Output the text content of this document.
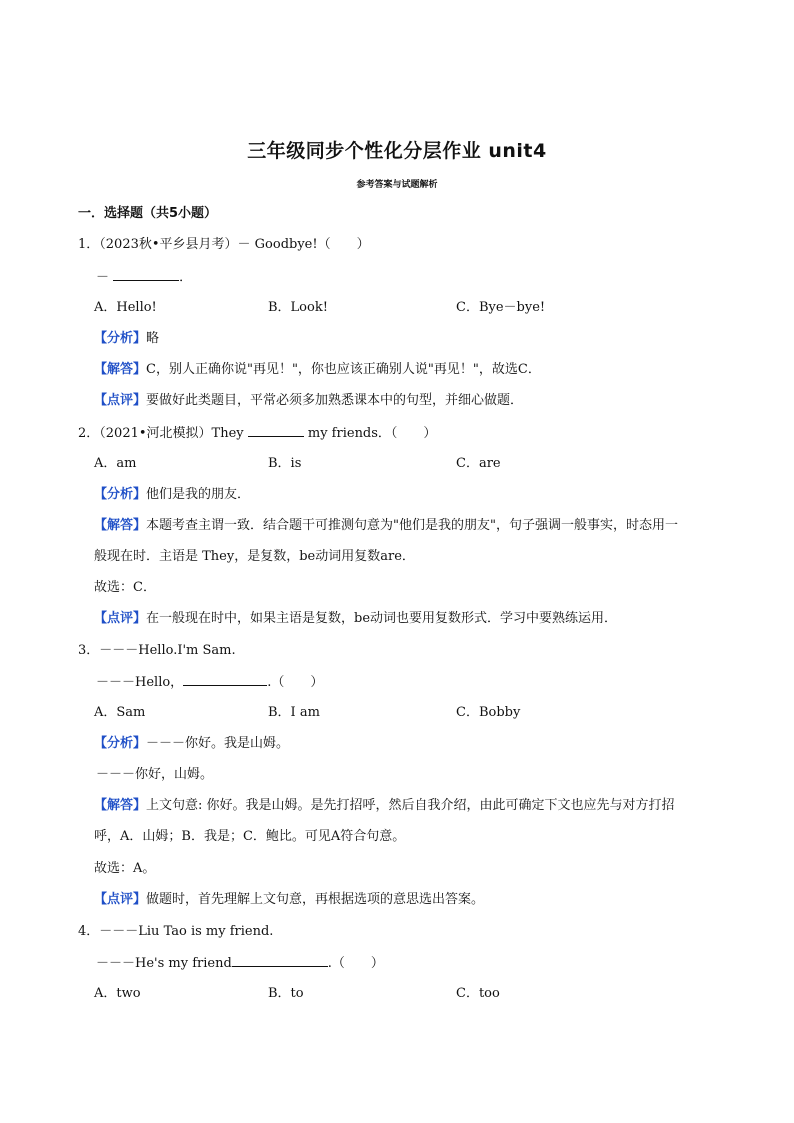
三年级同步个性化分层作业 unit4
参考答案与试题解析
一．选择题（共5小题）
1．（2023秋•平乡县月考）－ Goodbye!（　　）
－	．
A．Hello!	B．Look!	C．Bye－bye!
【分析】略
【解答】C，别人正确你说"再见！"，你也应该正确别人说"再见！"，故选C．
【点评】要做好此类题目，平常必须多加熟悉课本中的句型，并细心做题．
2．（2021•河北模拟）They	my friends．（　　）
A．am	B．is	C．are
【分析】他们是我的朋友．
【解答】本题考查主谓一致．结合题干可推测句意为"他们是我的朋友"，句子强调一般事实，时态用一
般现在时．主语是 They，是复数，be动词用复数are．
故选：C．
【点评】在一般现在时中，如果主语是复数，be动词也要用复数形式．学习中要熟练运用．
3．－－－Hello.I'm Sam.
－－－Hello，	.（　　）
A．Sam	B．I am	C．Bobby
【分析】－－－你好。我是山姆。
－－－你好，山姆。
【解答】上文句意: 你好。我是山姆。是先打招呼，然后自我介绍，由此可确定下文也应先与对方打招
呼，A．山姆；B．我是；C．鲍比。可见A符合句意。
故选：A。
【点评】做题时，首先理解上文句意，再根据选项的意思选出答案。
4．－－－Liu Tao is my friend.
－－－He's my friend	.（　　）
A．two	B．to	C．too
